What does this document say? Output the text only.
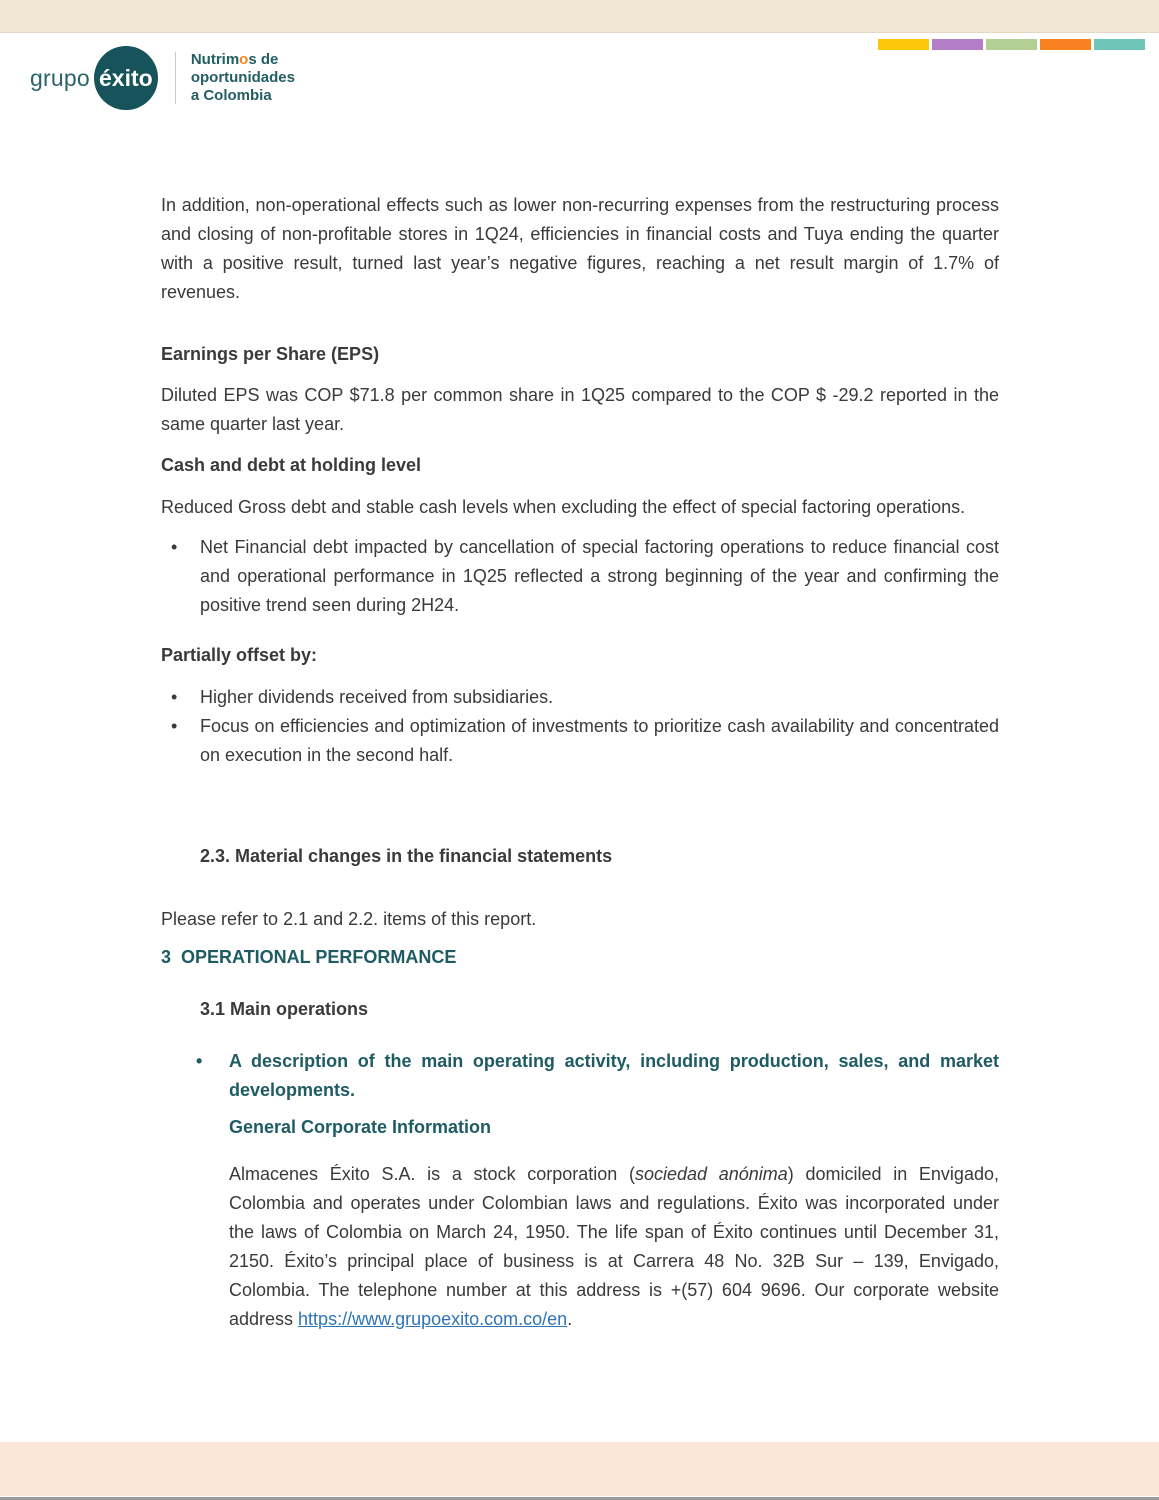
grupo éxito
Nutrimos de
oportunidades
a Colombia

In addition, non-operational effects such as lower non-recurring expenses from the restructuring process and closing of non-profitable stores in 1Q24, efficiencies in financial costs and Tuya ending the quarter with a positive result, turned last year’s negative figures, reaching a net result margin of 1.7% of revenues.

Earnings per Share (EPS)

Diluted EPS was COP $71.8 per common share in 1Q25 compared to the COP $ -29.2 reported in the same quarter last year.

Cash and debt at holding level

Reduced Gross debt and stable cash levels when excluding the effect of special factoring operations.

•	Net Financial debt impacted by cancellation of special factoring operations to reduce financial cost and operational performance in 1Q25 reflected a strong beginning of the year and confirming the positive trend seen during 2H24.

Partially offset by:

•	Higher dividends received from subsidiaries.
•	Focus on efficiencies and optimization of investments to prioritize cash availability and concentrated on execution in the second half.

2.3. Material changes in the financial statements

Please refer to 2.1 and 2.2. items of this report.

3  OPERATIONAL PERFORMANCE

3.1 Main operations

•	A description of the main operating activity, including production, sales, and market developments.

General Corporate Information

Almacenes Éxito S.A. is a stock corporation (sociedad anónima) domiciled in Envigado, Colombia and operates under Colombian laws and regulations. Éxito was incorporated under the laws of Colombia on March 24, 1950. The life span of Éxito continues until December 31, 2150. Éxito’s principal place of business is at Carrera 48 No. 32B Sur – 139, Envigado, Colombia. The telephone number at this address is +(57) 604 9696. Our corporate website address https://www.grupoexito.com.co/en.
